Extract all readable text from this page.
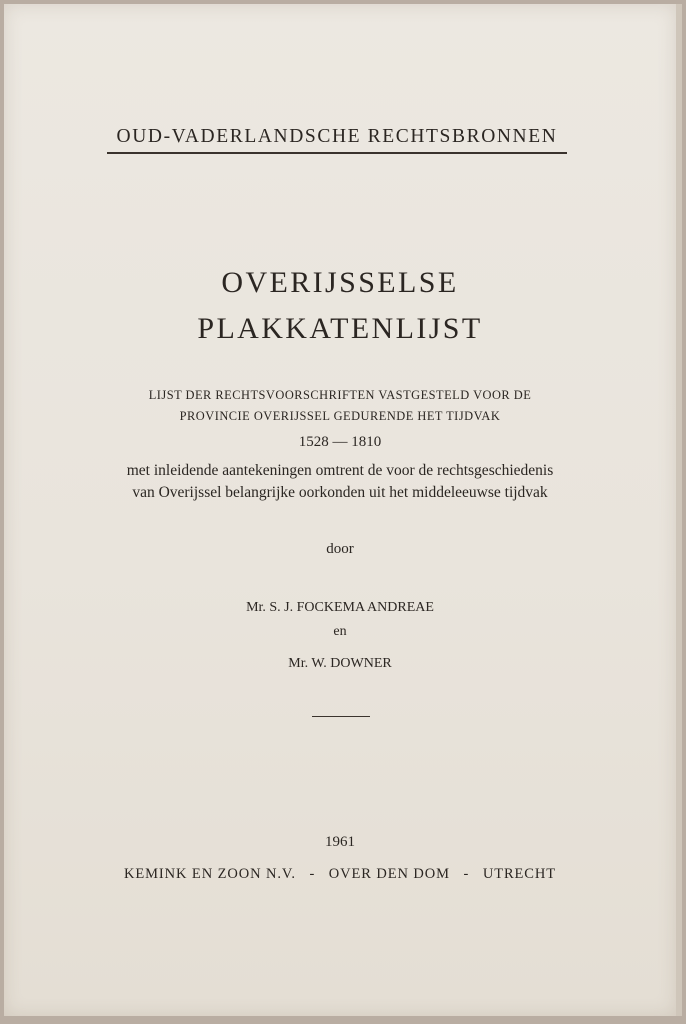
OUD-VADERLANDSCHE RECHTSBRONNEN
OVERIJSSELSE
PLAKKATENLIJST
LIJST DER RECHTSVOORSCHRIFTEN VASTGESTELD VOOR DE
PROVINCIE OVERIJSSEL GEDURENDE HET TIJDVAK
1528 — 1810
met inleidende aantekeningen omtrent de voor de rechtsgeschiedenis
van Overijssel belangrijke oorkonden uit het middeleeuwse tijdvak
door
Mr. S. J. FOCKEMA ANDREAE
en
Mr. W. DOWNER
1961
KEMINK EN ZOON N.V.   -   OVER DEN DOM   -   UTRECHT
